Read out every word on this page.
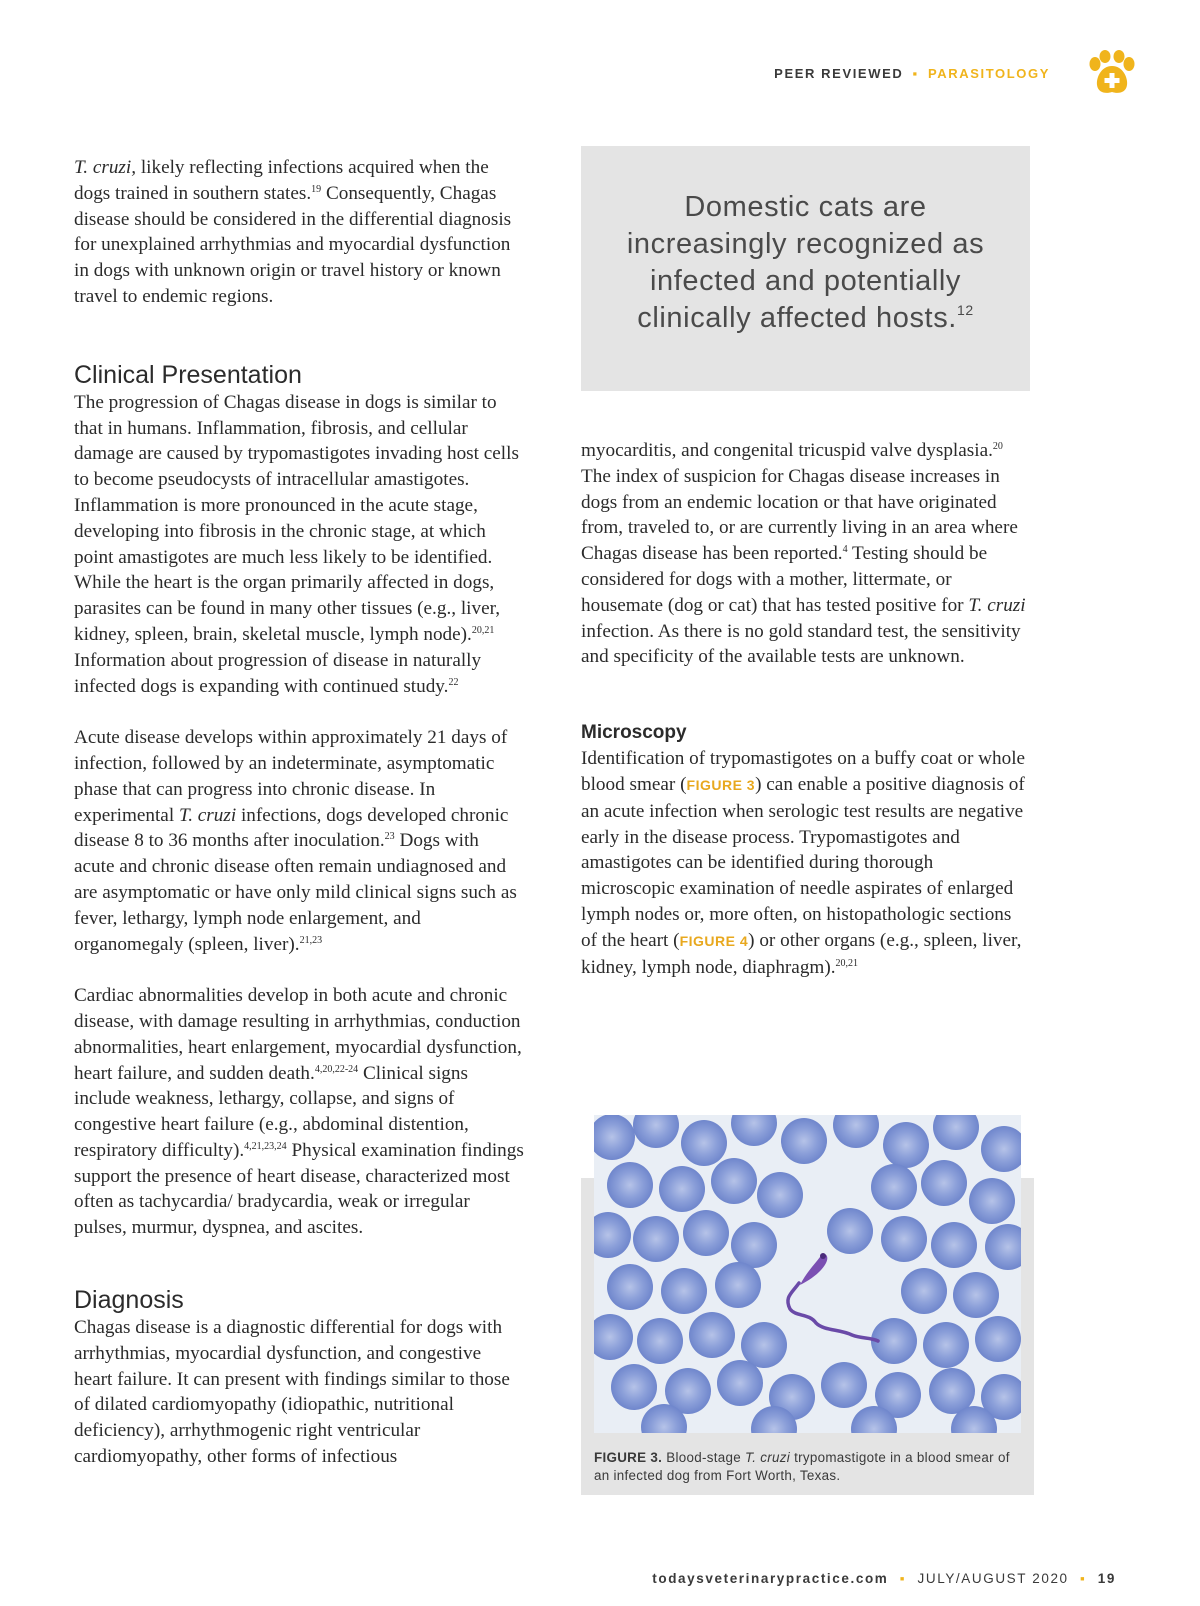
PEER REVIEWED ▪ PARASITOLOGY

T. cruzi, likely reflecting infections acquired when the dogs trained in southern states.$^{19}$ Consequently, Chagas disease should be considered in the differential diagnosis for unexplained arrhythmias and myocardial dysfunction in dogs with unknown origin or travel history or known travel to endemic regions.

Clinical Presentation

The progression of Chagas disease in dogs is similar to that in humans. Inflammation, fibrosis, and cellular damage are caused by trypomastigotes invading host cells to become pseudocysts of intracellular amastigotes. Inflammation is more pronounced in the acute stage, developing into fibrosis in the chronic stage, at which point amastigotes are much less likely to be identified. While the heart is the organ primarily affected in dogs, parasites can be found in many other tissues (e.g., liver, kidney, spleen, brain, skeletal muscle, lymph node).$^{20,21}$ Information about progression of disease in naturally infected dogs is expanding with continued study.$^{22}$

Acute disease develops within approximately 21 days of infection, followed by an indeterminate, asymptomatic phase that can progress into chronic disease. In experimental T. cruzi infections, dogs developed chronic disease 8 to 36 months after inoculation.$^{23}$ Dogs with acute and chronic disease often remain undiagnosed and are asymptomatic or have only mild clinical signs such as fever, lethargy, lymph node enlargement, and organomegaly (spleen, liver).$^{21,23}$

Cardiac abnormalities develop in both acute and chronic disease, with damage resulting in arrhythmias, conduction abnormalities, heart enlargement, myocardial dysfunction, heart failure, and sudden death.$^{4,20,22-24}$ Clinical signs include weakness, lethargy, collapse, and signs of congestive heart failure (e.g., abdominal distention, respiratory difficulty).$^{4,21,23,24}$ Physical examination findings support the presence of heart disease, characterized most often as tachycardia/ bradycardia, weak or irregular pulses, murmur, dyspnea, and ascites.

Diagnosis

Chagas disease is a diagnostic differential for dogs with arrhythmias, myocardial dysfunction, and congestive heart failure. It can present with findings similar to those of dilated cardiomyopathy (idiopathic, nutritional deficiency), arrhythmogenic right ventricular cardiomyopathy, other forms of infectious

Domestic cats are increasingly recognized as infected and potentially clinically affected hosts.$^{12}$

myocarditis, and congenital tricuspid valve dysplasia.$^{20}$ The index of suspicion for Chagas disease increases in dogs from an endemic location or that have originated from, traveled to, or are currently living in an area where Chagas disease has been reported.$^4$ Testing should be considered for dogs with a mother, littermate, or housemate (dog or cat) that has tested positive for T. cruzi infection. As there is no gold standard test, the sensitivity and specificity of the available tests are unknown.

Microscopy

Identification of trypomastigotes on a buffy coat or whole blood smear (FIGURE 3) can enable a positive diagnosis of an acute infection when serologic test results are negative early in the disease process. Trypomastigotes and amastigotes can be identified during thorough microscopic examination of needle aspirates of enlarged lymph nodes or, more often, on histopathologic sections of the heart (FIGURE 4) or other organs (e.g., spleen, liver, kidney, lymph node, diaphragm).$^{20,21}$

FIGURE 3. Blood-stage T. cruzi trypomastigote in a blood smear of an infected dog from Fort Worth, Texas.
todaysveterinarypractice.com ▪ JULY/AUGUST 2020 ▪ 19
